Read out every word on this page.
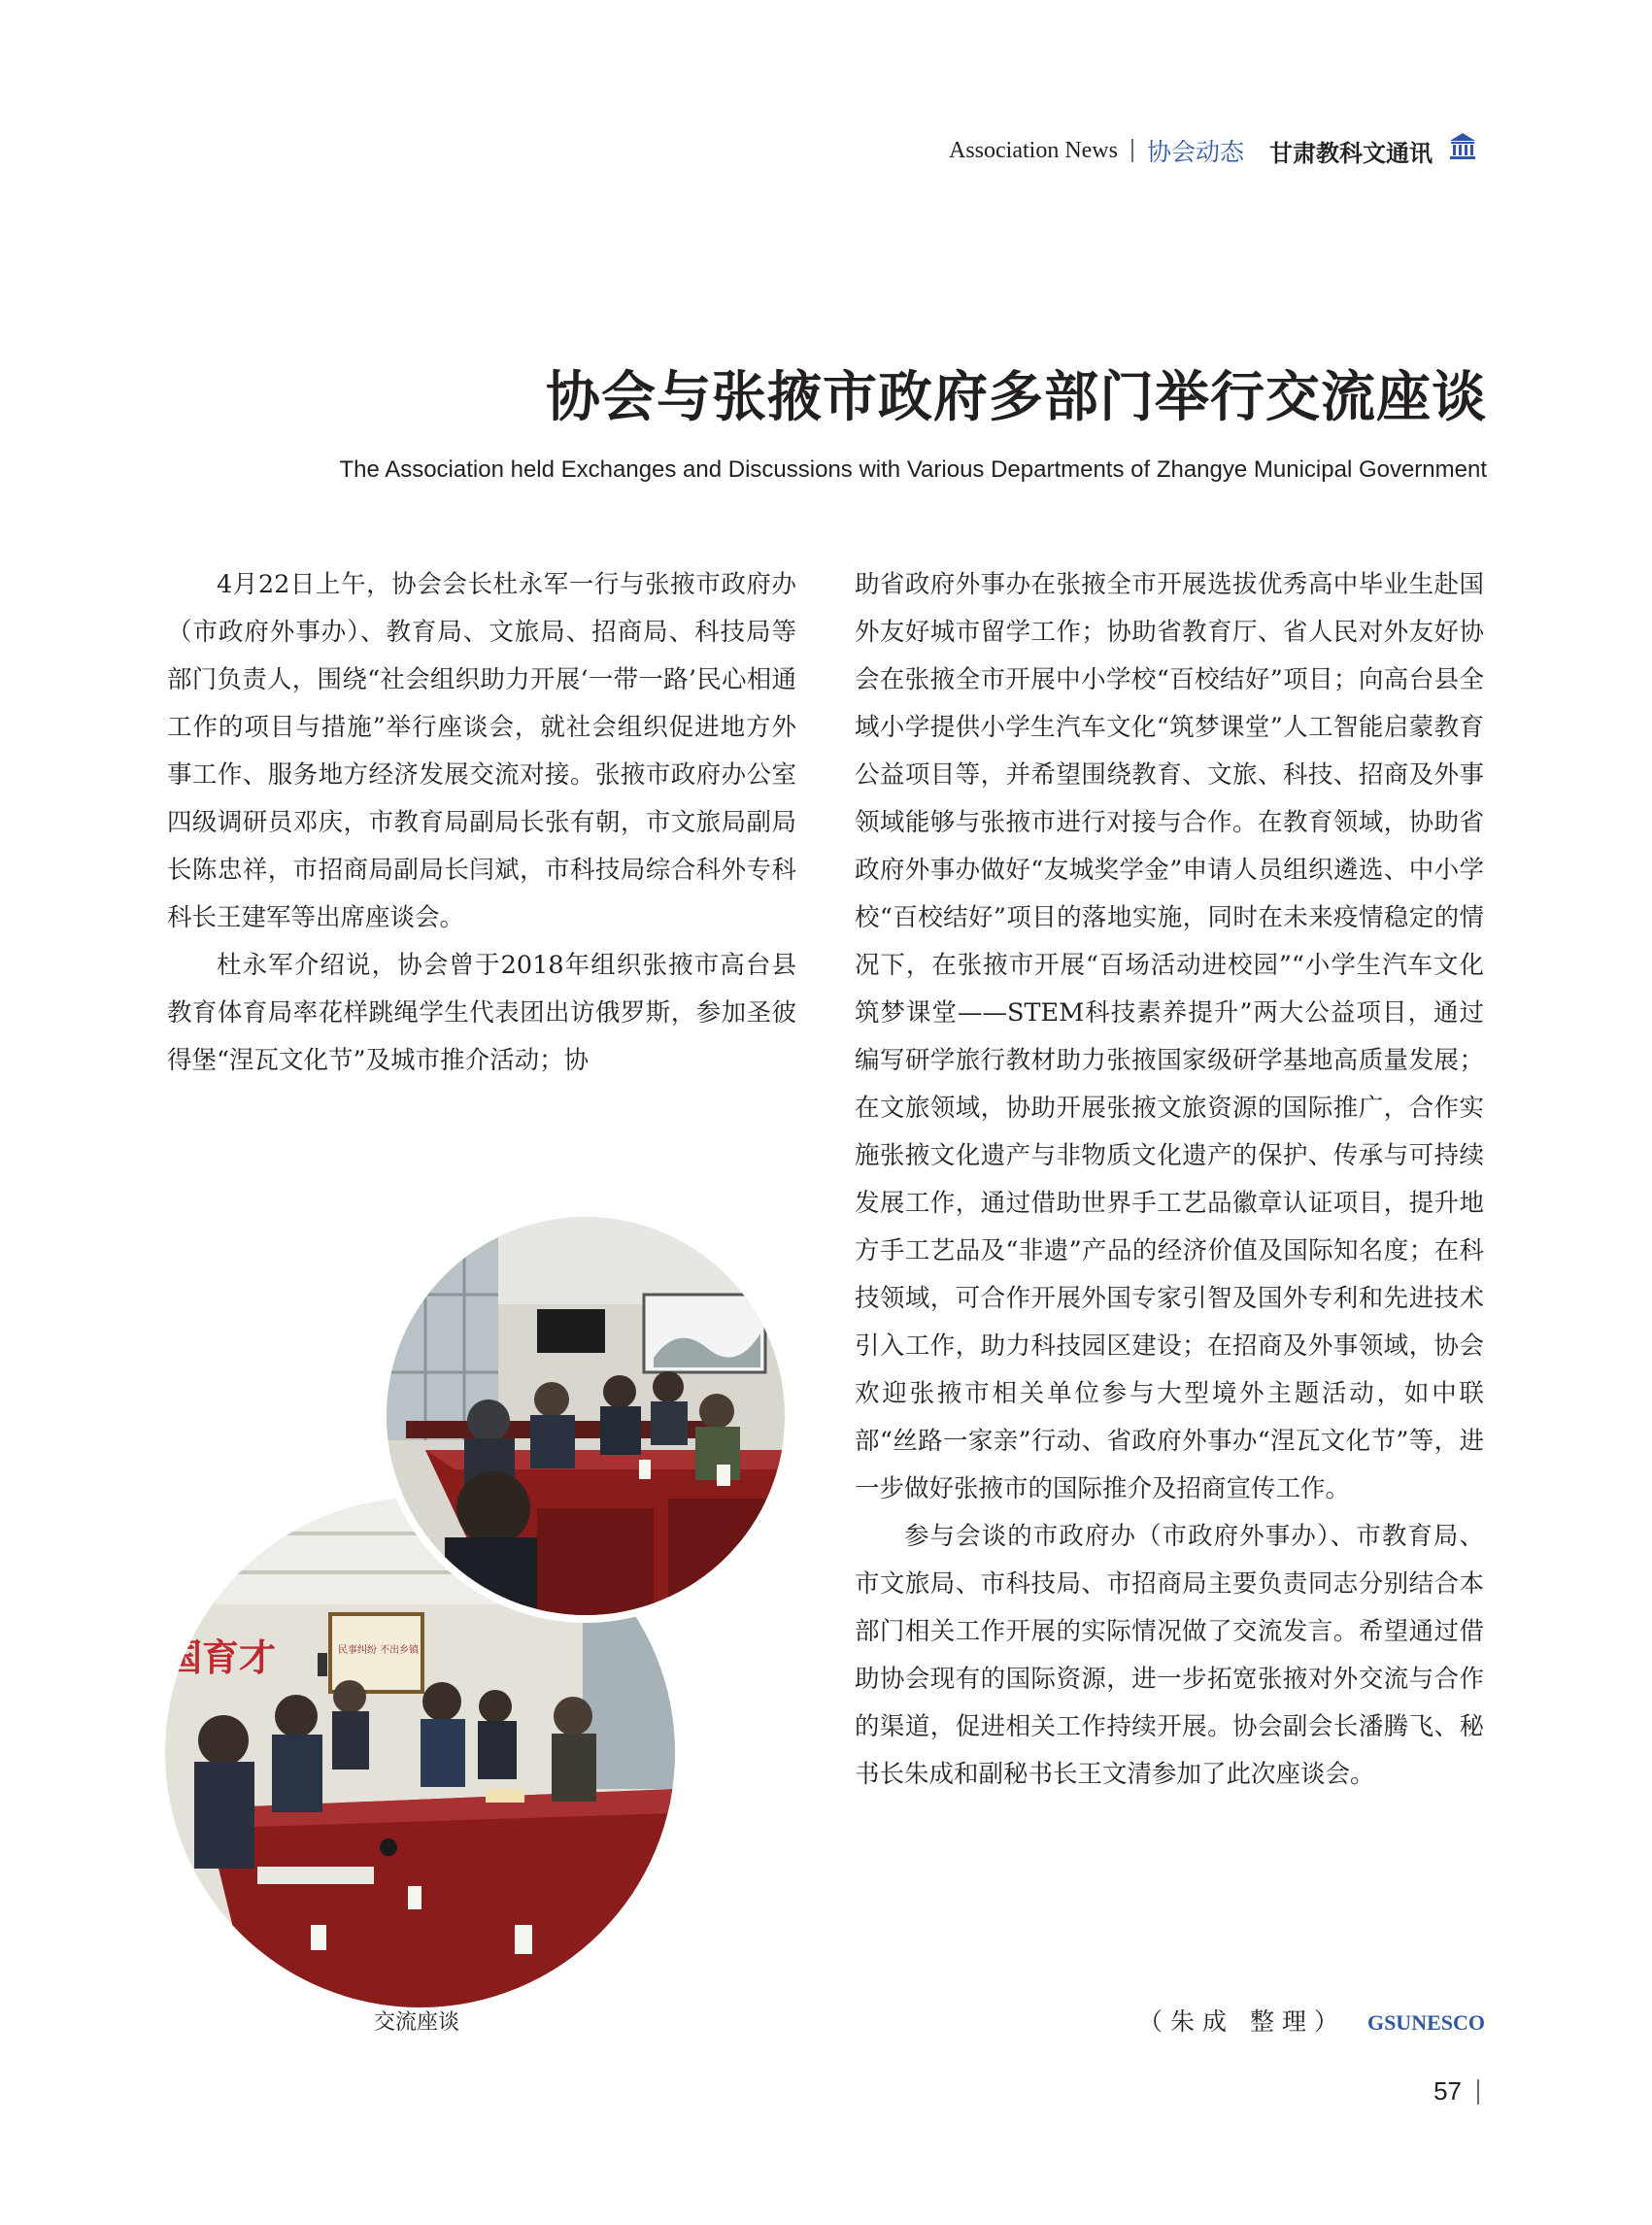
Association News 协会动态 甘肃教科文通讯
协会与张掖市政府多部门举行交流座谈

The Association held Exchanges and Discussions with Various Departments of Zhangye Municipal Government

4月22日上午，协会会长杜永军一行与张掖市政府办（市政府外事办）、教育局、文旅局、招商局、科技局等部门负责人，围绕“社会组织助力开展‘一带一路’民心相通工作的项目与措施”举行座谈会，就社会组织促进地方外事工作、服务地方经济发展交流对接。张掖市政府办公室四级调研员邓庆，市教育局副局长张有朝，市文旅局副局长陈忠祥，市招商局副局长闫斌，市科技局综合科外专科科长王建军等出席座谈会。

杜永军介绍说，协会曾于2018年组织张掖市高台县教育体育局率花样跳绳学生代表团出访俄罗斯，参加圣彼得堡“涅瓦文化节”及城市推介活动；协

助省政府外事办在张掖全市开展选拔优秀高中毕业生赴国外友好城市留学工作；协助省教育厅、省人民对外友好协会在张掖全市开展中小学校“百校结好”项目；向高台县全域小学提供小学生汽车文化“筑梦课堂”人工智能启蒙教育公益项目等，并希望围绕教育、文旅、科技、招商及外事领域能够与张掖市进行对接与合作。在教育领域，协助省政府外事办做好“友城奖学金”申请人员组织遴选、中小学校“百校结好”项目的落地实施，同时在未来疫情稳定的情况下，在张掖市开展“百场活动进校园”“小学生汽车文化筑梦课堂——STEM科技素养提升”两大公益项目，通过编写研学旅行教材助力张掖国家级研学基地高质量发展；在文旅领域，协助开展张掖文旅资源的国际推广，合作实施张掖文化遗产与非物质文化遗产的保护、传承与可持续发展工作，通过借助世界手工艺品徽章认证项目，提升地方手工艺品及“非遗”产品的经济价值及国际知名度；在科技领域，可合作开展外国专家引智及国外专利和先进技术引入工作，助力科技园区建设；在招商及外事领域，协会欢迎张掖市相关单位参与大型境外主题活动，如中联部“丝路一家亲”行动、省政府外事办“涅瓦文化节”等，进一步做好张掖市的国际推介及招商宣传工作。

参与会谈的市政府办（市政府外事办）、市教育局、市文旅局、市科技局、市招商局主要负责同志分别结合本部门相关工作开展的实际情况做了交流发言。希望通过借助协会现有的国际资源，进一步拓宽张掖对外交流与合作的渠道，促进相关工作持续开展。协会副会长潘腾飞、秘书长朱成和副秘书长王文清参加了此次座谈会。

国育才	民事纠纷 不出乡镇
交流座谈	（朱成 整理） GSUNESCO
57
